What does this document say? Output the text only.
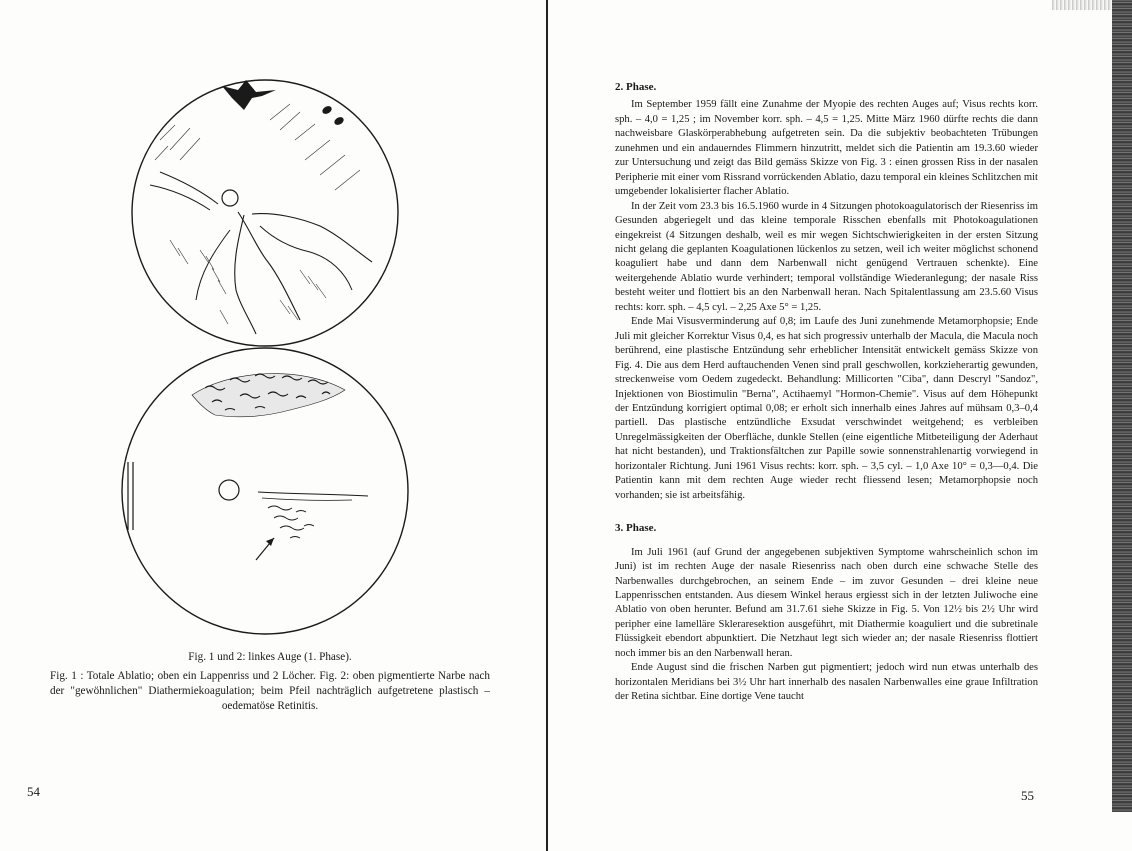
Fig. 1 und 2: linkes Auge (1. Phase).
Fig. 1 : Totale Ablatio; oben ein Lappenriss und 2 Löcher. Fig. 2: oben pigmentierte Narbe nach der "gewöhnlichen" Diathermiekoagulation; beim Pfeil nachträglich aufgetretene plastisch – oedematöse Retinitis.
54
2. Phase.

Im September 1959 fällt eine Zunahme der Myopie des rechten Auges auf; Visus rechts korr. sph. – 4,0 = 1,25 ; im November korr. sph. – 4,5 = 1,25. Mitte März 1960 dürfte rechts die dann nachweisbare Glaskörperabhebung aufgetreten sein. Da die subjektiv beobachteten Trübungen zunehmen und ein andauerndes Flimmern hinzutritt, meldet sich die Patientin am 19.3.60 wieder zur Untersuchung und zeigt das Bild gemäss Skizze von Fig. 3 : einen grossen Riss in der nasalen Peripherie mit einer vom Rissrand vorrückenden Ablatio, dazu temporal ein kleines Schlitzchen mit umgebender lokalisierter flacher Ablatio.

In der Zeit vom 23.3 bis 16.5.1960 wurde in 4 Sitzungen photokoagulatorisch der Riesenriss im Gesunden abgeriegelt und das kleine temporale Risschen ebenfalls mit Photokoagulationen eingekreist (4 Sitzungen deshalb, weil es mir wegen Sichtschwierigkeiten in der ersten Sitzung nicht gelang die geplanten Koagulationen lückenlos zu setzen, weil ich weiter möglichst schonend koaguliert habe und dann dem Narbenwall nicht genügend Vertrauen schenkte). Eine weitergehende Ablatio wurde verhindert; temporal vollständige Wiederanlegung; der nasale Riss besteht weiter und flottiert bis an den Narbenwall heran. Nach Spitalentlassung am 23.5.60 Visus rechts: korr. sph. – 4,5 cyl. – 2,25 Axe 5° = 1,25.

Ende Mai Visusverminderung auf 0,8; im Laufe des Juni zunehmende Metamorphopsie; Ende Juli mit gleicher Korrektur Visus 0,4, es hat sich progressiv unterhalb der Macula, die Macula noch berührend, eine plastische Entzündung sehr erheblicher Intensität entwickelt gemäss Skizze von Fig. 4. Die aus dem Herd auftauchenden Venen sind prall geschwollen, korkzieherartig gewunden, streckenweise vom Oedem zugedeckt. Behandlung: Millicorten "Ciba", dann Descryl "Sandoz", Injektionen von Biostimulin "Berna", Actihaemyl "Hormon-Chemie". Visus auf dem Höhepunkt der Entzündung korrigiert optimal 0,08; er erholt sich innerhalb eines Jahres auf mühsam 0,3–0,4 partiell. Das plastische entzündliche Exsudat verschwindet weitgehend; es verbleiben Unregelmässigkeiten der Oberfläche, dunkle Stellen (eine eigentliche Mitbeteiligung der Aderhaut hat nicht bestanden), und Traktionsfältchen zur Papille sowie sonnenstrahlenartig vorwiegend in horizontaler Richtung. Juni 1961 Visus rechts: korr. sph. – 3,5 cyl. – 1,0 Axe 10° = 0,3—0,4. Die Patientin kann mit dem rechten Auge wieder recht fliessend lesen; Metamorphopsie noch vorhanden; sie ist arbeitsfähig.

3. Phase.

Im Juli 1961 (auf Grund der angegebenen subjektiven Symptome wahrscheinlich schon im Juni) ist im rechten Auge der nasale Riesenriss nach oben durch eine schwache Stelle des Narbenwalles durchgebrochen, an seinem Ende – im zuvor Gesunden – drei kleine neue Lappenrisschen entstanden. Aus diesem Winkel heraus ergiesst sich in der letzten Juliwoche eine Ablatio von oben herunter. Befund am 31.7.61 siehe Skizze in Fig. 5. Von 12½ bis 2½ Uhr wird peripher eine lamelläre Skleraresektion ausgeführt, mit Diathermie koaguliert und die subretinale Flüssigkeit ebendort abpunktiert. Die Netzhaut legt sich wieder an; der nasale Riesenriss flottiert noch immer bis an den Narbenwall heran.

Ende August sind die frischen Narben gut pigmentiert; jedoch wird nun etwas unterhalb des horizontalen Meridians bei 3½ Uhr hart innerhalb des nasalen Narbenwalles eine graue Infiltration der Retina sichtbar. Eine dortige Vene taucht

55
